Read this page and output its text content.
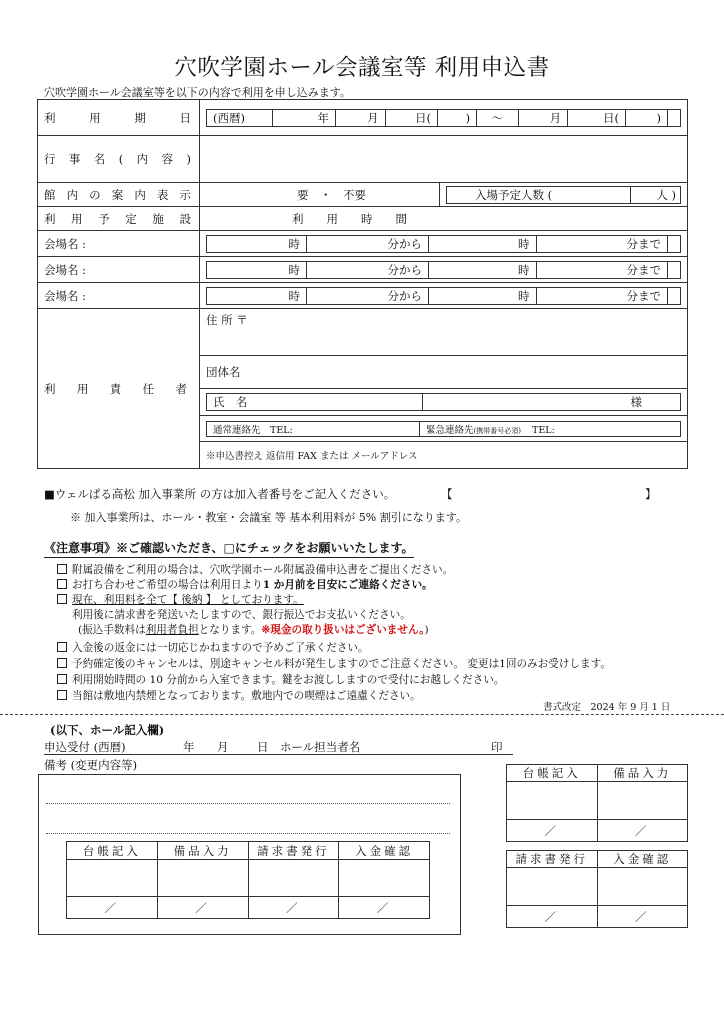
穴吹学園ホール会議室等 利用申込書
穴吹学園ホール会議室等を以下の内容で利用を申し込みます。
利用期日	(西暦)	年	月	日(	)	～	月	日(	)	

行事名(内容)	
館内の案内表示	要　・　不要		入場予定人数 (	人 )

利用予定施設	利　　用　　時　　間
会場名 :		時	分から	時	分まで	

会場名 :		時	分から	時	分まで	

会場名 :		時	分から	時	分まで	

利用責任者	住 所 〒
団体名

氏　名	様

通常連絡先　TEL:	緊急連絡先(携帯番号必須) TEL:

※申込書控え 返信用 FAX または メールアドレス
■ウェルぱる高松 加入事業所 の方は加入者番号をご記入ください。	【	】
※ 加入事業所は、ホール・教室・会議室 等 基本利用料が 5% 割引になります。
《注意事項》※ご確認いただき、□にチェックをお願いいたします。
附属設備をご利用の場合は、穴吹学園ホール附属設備申込書をご提出ください。
お打ち合わせご希望の場合は利用日より1 か月前を目安にご連絡ください。
現在、利用料を全て【 後納 】 としております。
利用後に請求書を発送いたしますので、銀行振込でお支払いください。
(振込手数料は利用者負担となります。※現金の取り扱いはございません。)
入金後の返金には一切応じかねますので予めご了承ください。
予約確定後のキャンセルは、別途キャンセル料が発生しますのでご注意ください。 変更は1回のみお受けします。
利用開始時間の 10 分前から入室できます。鍵をお渡ししますので受付にお越しください。
当館は敷地内禁煙となっております。敷地内での喫煙はご遠慮ください。
書式改定　2024 年 9 月 1 日
(以下、ホール記入欄)
申込受付 (西暦)	年 月 日 ホール担当者名	印
備考 (変更内容等)
台帳記入	備品入力	請求書発行	入金確認

／	／	／	／
台帳記入	備品入力

／	／
請求書発行	入金確認

／	／
